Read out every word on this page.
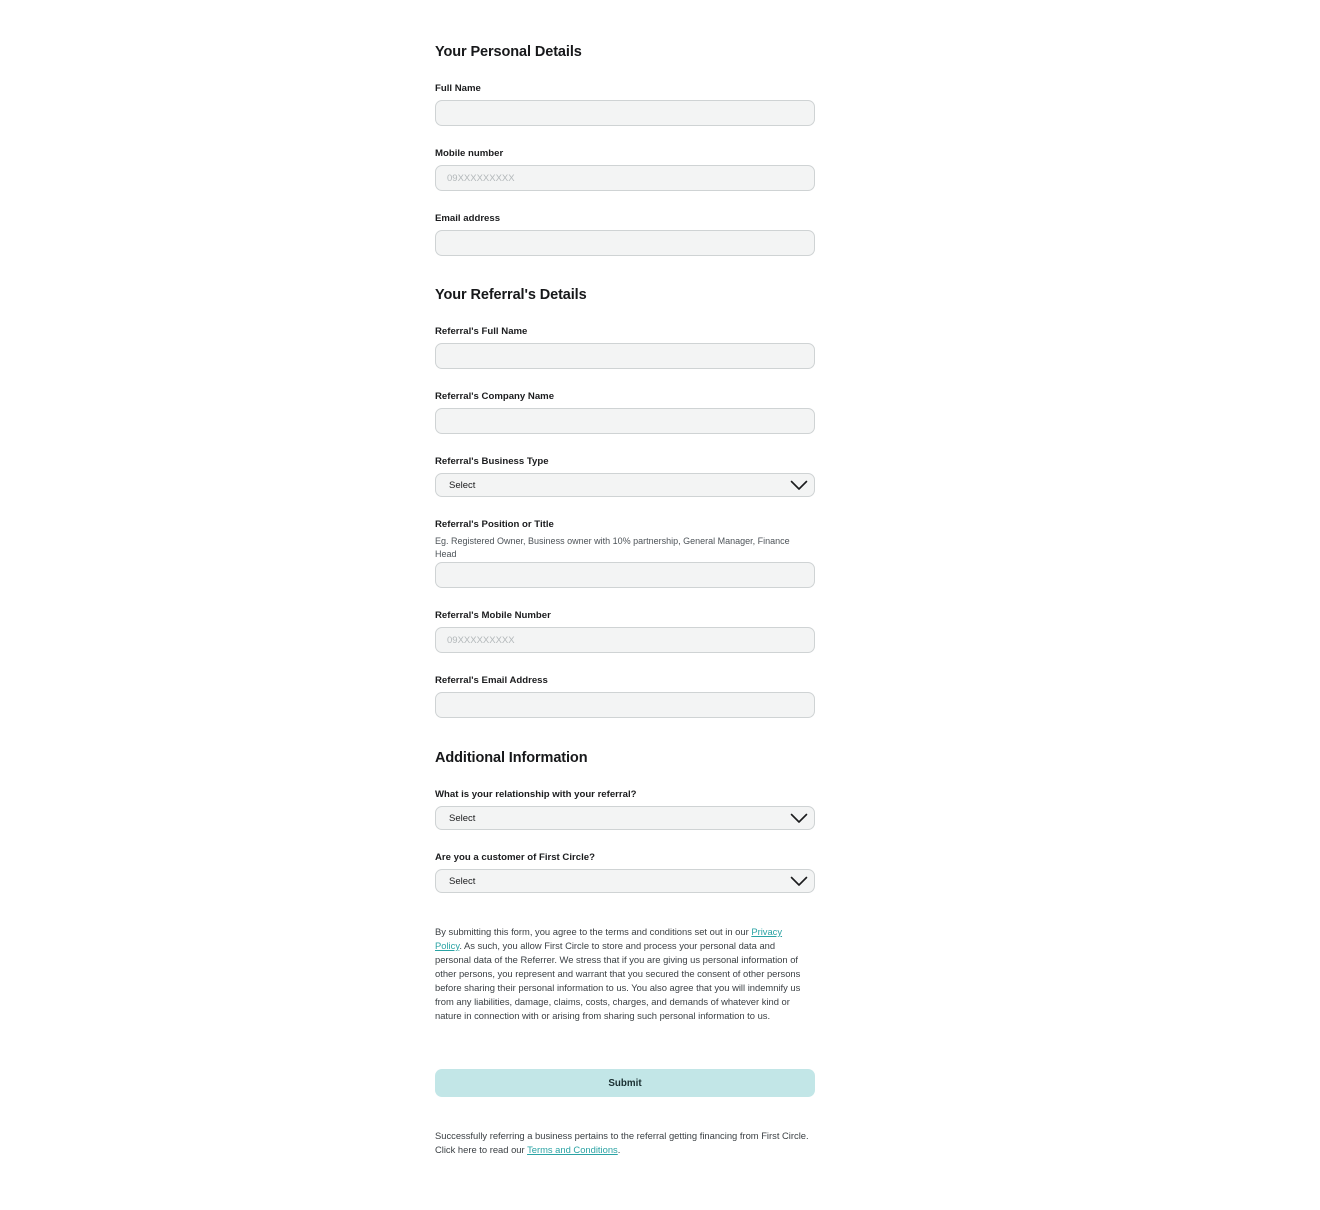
Your Personal Details
Full Name
Mobile number
09XXXXXXXXX
Email address
Your Referral's Details
Referral's Full Name
Referral's Company Name
Referral's Business Type
Select
Referral's Position or Title
Eg. Registered Owner, Business owner with 10% partnership, General Manager, Finance Head
Referral's Mobile Number
09XXXXXXXXX
Referral's Email Address
Additional Information
What is your relationship with your referral?
Select
Are you a customer of First Circle?
Select
By submitting this form, you agree to the terms and conditions set out in our Privacy Policy. As such, you allow First Circle to store and process your personal data and personal data of the Referrer. We stress that if you are giving us personal information of other persons, you represent and warrant that you secured the consent of other persons before sharing their personal information to us. You also agree that you will indemnify us from any liabilities, damage, claims, costs, charges, and demands of whatever kind or nature in connection with or arising from sharing such personal information to us.
Submit
Successfully referring a business pertains to the referral getting financing from First Circle. Click here to read our Terms and Conditions.
